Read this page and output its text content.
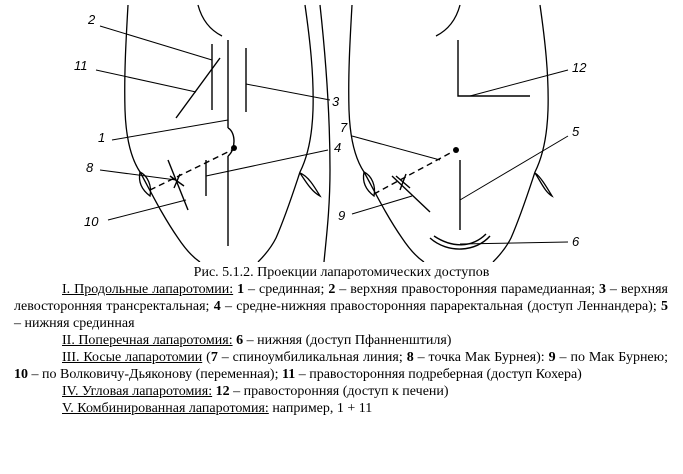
2
11
3
1
4
8
10
7
9
12
5
6
Рис. 5.1.2. Проекции лапаротомических доступов

I. Продольные лапаротомии: 1 – срединная; 2 – верхняя правосторонняя парамедианная; 3 – верхняя левосторонняя трансректальная; 4 – средне-нижняя правосторонняя параректальная (доступ Леннандера); 5 – нижняя срединная

II. Поперечная лапаротомия: 6 – нижняя (доступ Пфанненштиля)

III. Косые лапаротомии (7 – спиноумбиликальная линия; 8 – точка Мак Бурнея): 9 – по Мак Бурнею; 10 – по Волковичу-Дьяконову (переменная); 11 – правосторонняя подреберная (доступ Кохера)

IV. Угловая лапаротомия: 12 – правосторонняя (доступ к печени)

V. Комбинированная лапаротомия: например, 1 + 11
